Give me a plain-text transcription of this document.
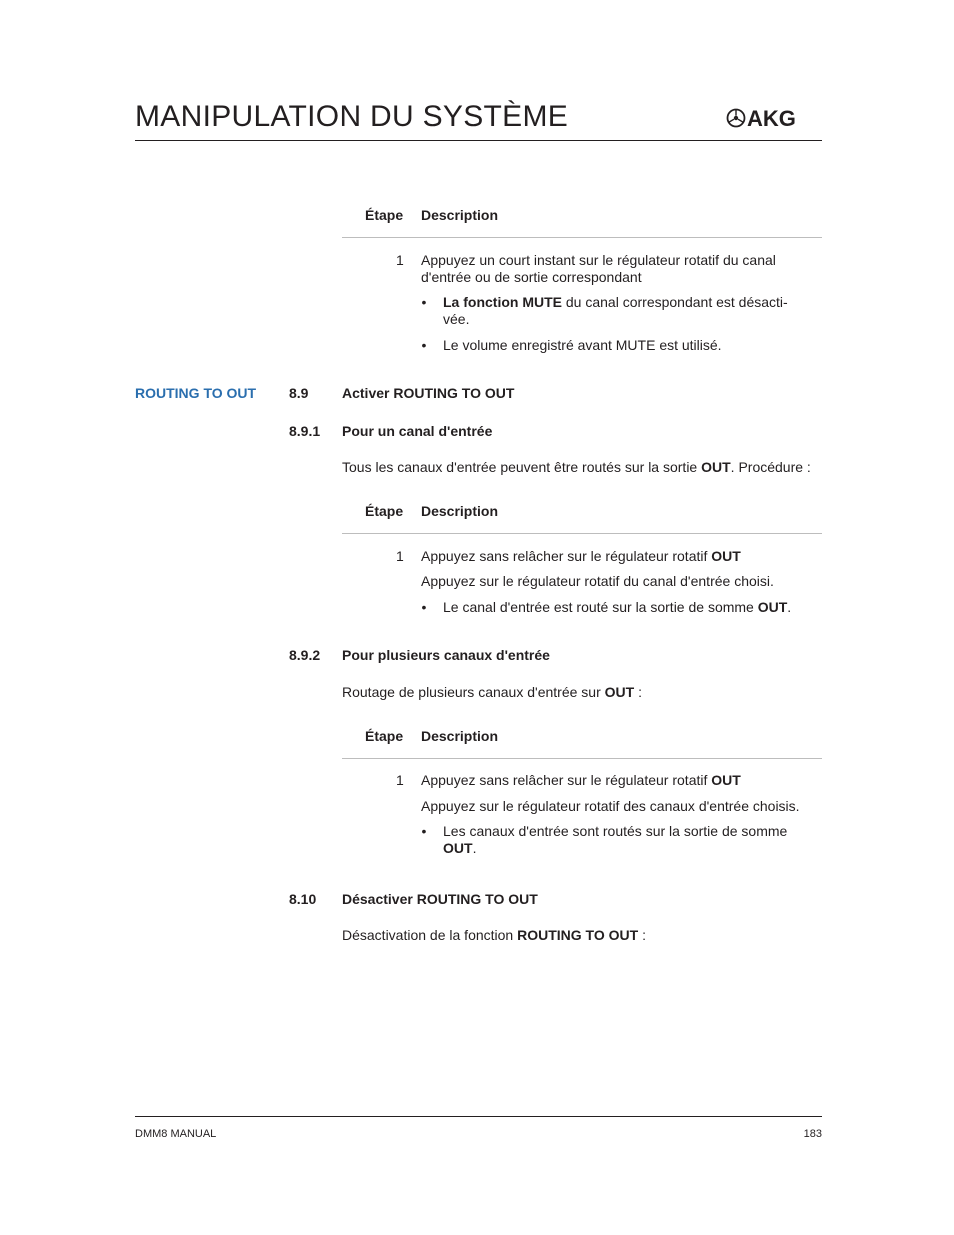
MANIPULATION DU SYSTÈME	AKG
Étape Description
1 Appuyez un court instant sur le régulateur rotatif du canal d'entrée ou de sortie correspondant
• La fonction MUTE du canal correspondant est désacti-vée.
• Le volume enregistré avant MUTE est utilisé.
ROUTING TO OUT 8.9 Activer ROUTING TO OUT
8.9.1 Pour un canal d'entrée
Tous les canaux d'entrée peuvent être routés sur la sortie OUT. Procédure :
Étape Description
1 Appuyez sans relâcher sur le régulateur rotatif OUT
Appuyez sur le régulateur rotatif du canal d'entrée choisi.
• Le canal d'entrée est routé sur la sortie de somme OUT.
8.9.2 Pour plusieurs canaux d'entrée
Routage de plusieurs canaux d'entrée sur OUT :
Étape Description
1 Appuyez sans relâcher sur le régulateur rotatif OUT
Appuyez sur le régulateur rotatif des canaux d'entrée choisis.
• Les canaux d'entrée sont routés sur la sortie de somme OUT.
8.10 Désactiver ROUTING TO OUT
Désactivation de la fonction ROUTING TO OUT :
DMM8 MANUAL	183
